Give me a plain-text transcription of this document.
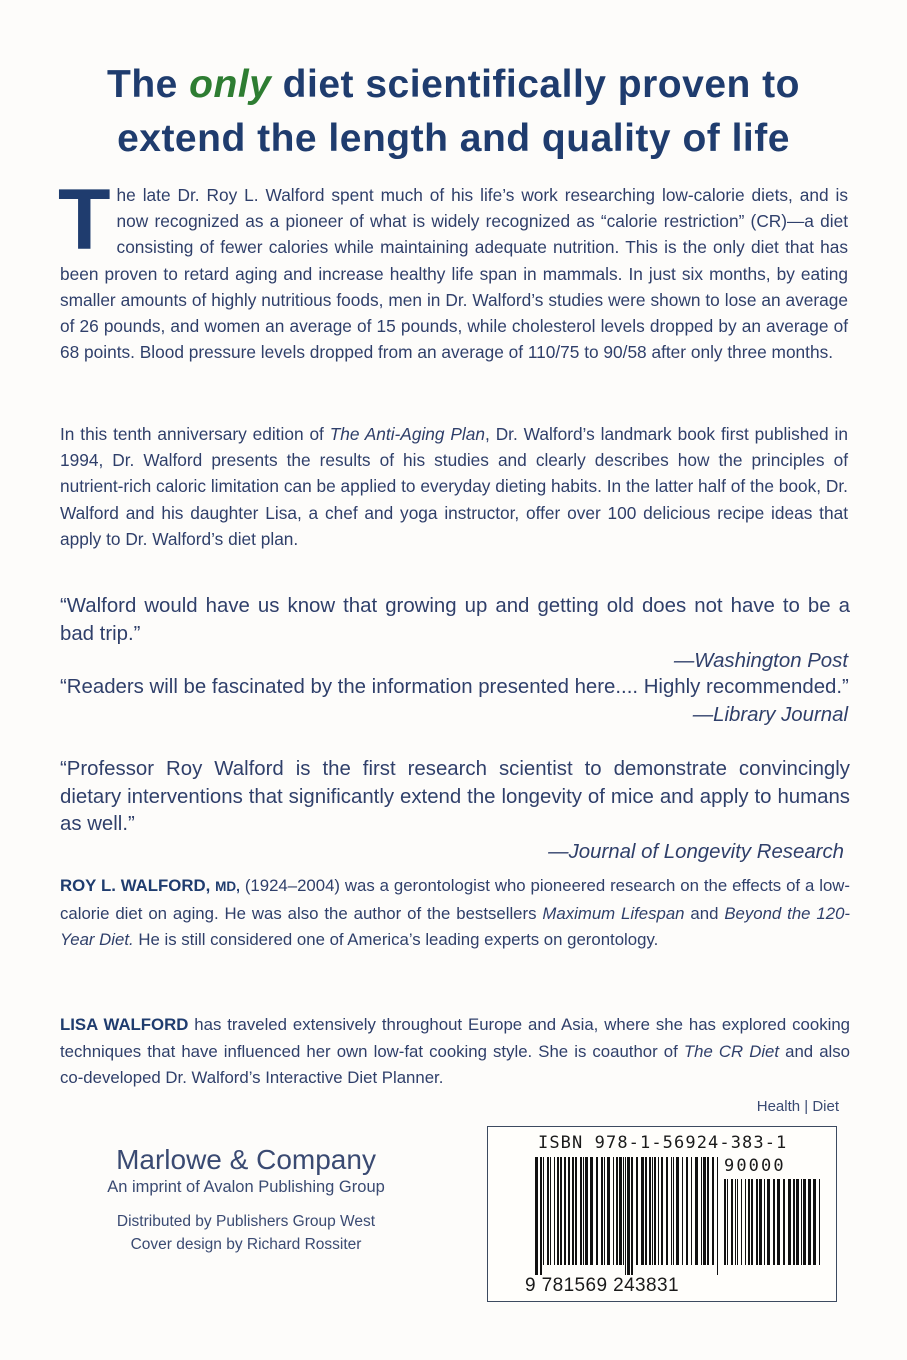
The only diet scientifically proven to
extend the length and quality of life

The late Dr. Roy L. Walford spent much of his life’s work researching low-calorie diets, and is now recognized as a pioneer of what is widely recognized as “calorie restriction” (CR)—a diet consisting of fewer calories while maintaining adequate nutrition. This is the only diet that has been proven to retard aging and increase healthy life span in mammals. In just six months, by eating smaller amounts of highly nutritious foods, men in Dr. Walford’s studies were shown to lose an average of 26 pounds, and women an average of 15 pounds, while cholesterol levels dropped by an average of 68 points. Blood pressure levels dropped from an average of 110/75 to 90/58 after only three months.

In this tenth anniversary edition of The Anti-Aging Plan, Dr. Walford’s landmark book first published in 1994, Dr. Walford presents the results of his studies and clearly describes how the principles of nutrient-rich caloric limitation can be applied to everyday dieting habits. In the latter half of the book, Dr. Walford and his daughter Lisa, a chef and yoga instructor, offer over 100 delicious recipe ideas that apply to Dr. Walford’s diet plan.

“Walford would have us know that growing up and getting old does not have to be a bad trip.”
—Washington Post

“Readers will be fascinated by the information presented here.... Highly recommended.”
—Library Journal

“Professor Roy Walford is the first research scientist to demonstrate convincingly dietary interventions that significantly extend the longevity of mice and apply to humans as well.”
—Journal of Longevity Research

ROY L. WALFORD, MD, (1924–2004) was a gerontologist who pioneered research on the effects of a low-calorie diet on aging. He was also the author of the bestsellers Maximum Lifespan and Beyond the 120-Year Diet. He is still considered one of America’s leading experts on gerontology.

LISA WALFORD has traveled extensively throughout Europe and Asia, where she has explored cooking techniques that have influenced her own low-fat cooking style. She is coauthor of The CR Diet and also co-developed Dr. Walford’s Interactive Diet Planner.

Health | Diet

Marlowe & Company
An imprint of Avalon Publishing Group
Distributed by Publishers Group West
Cover design by Richard Rossiter

ISBN 978-1-56924-383-1

90000

9 781569 243831
